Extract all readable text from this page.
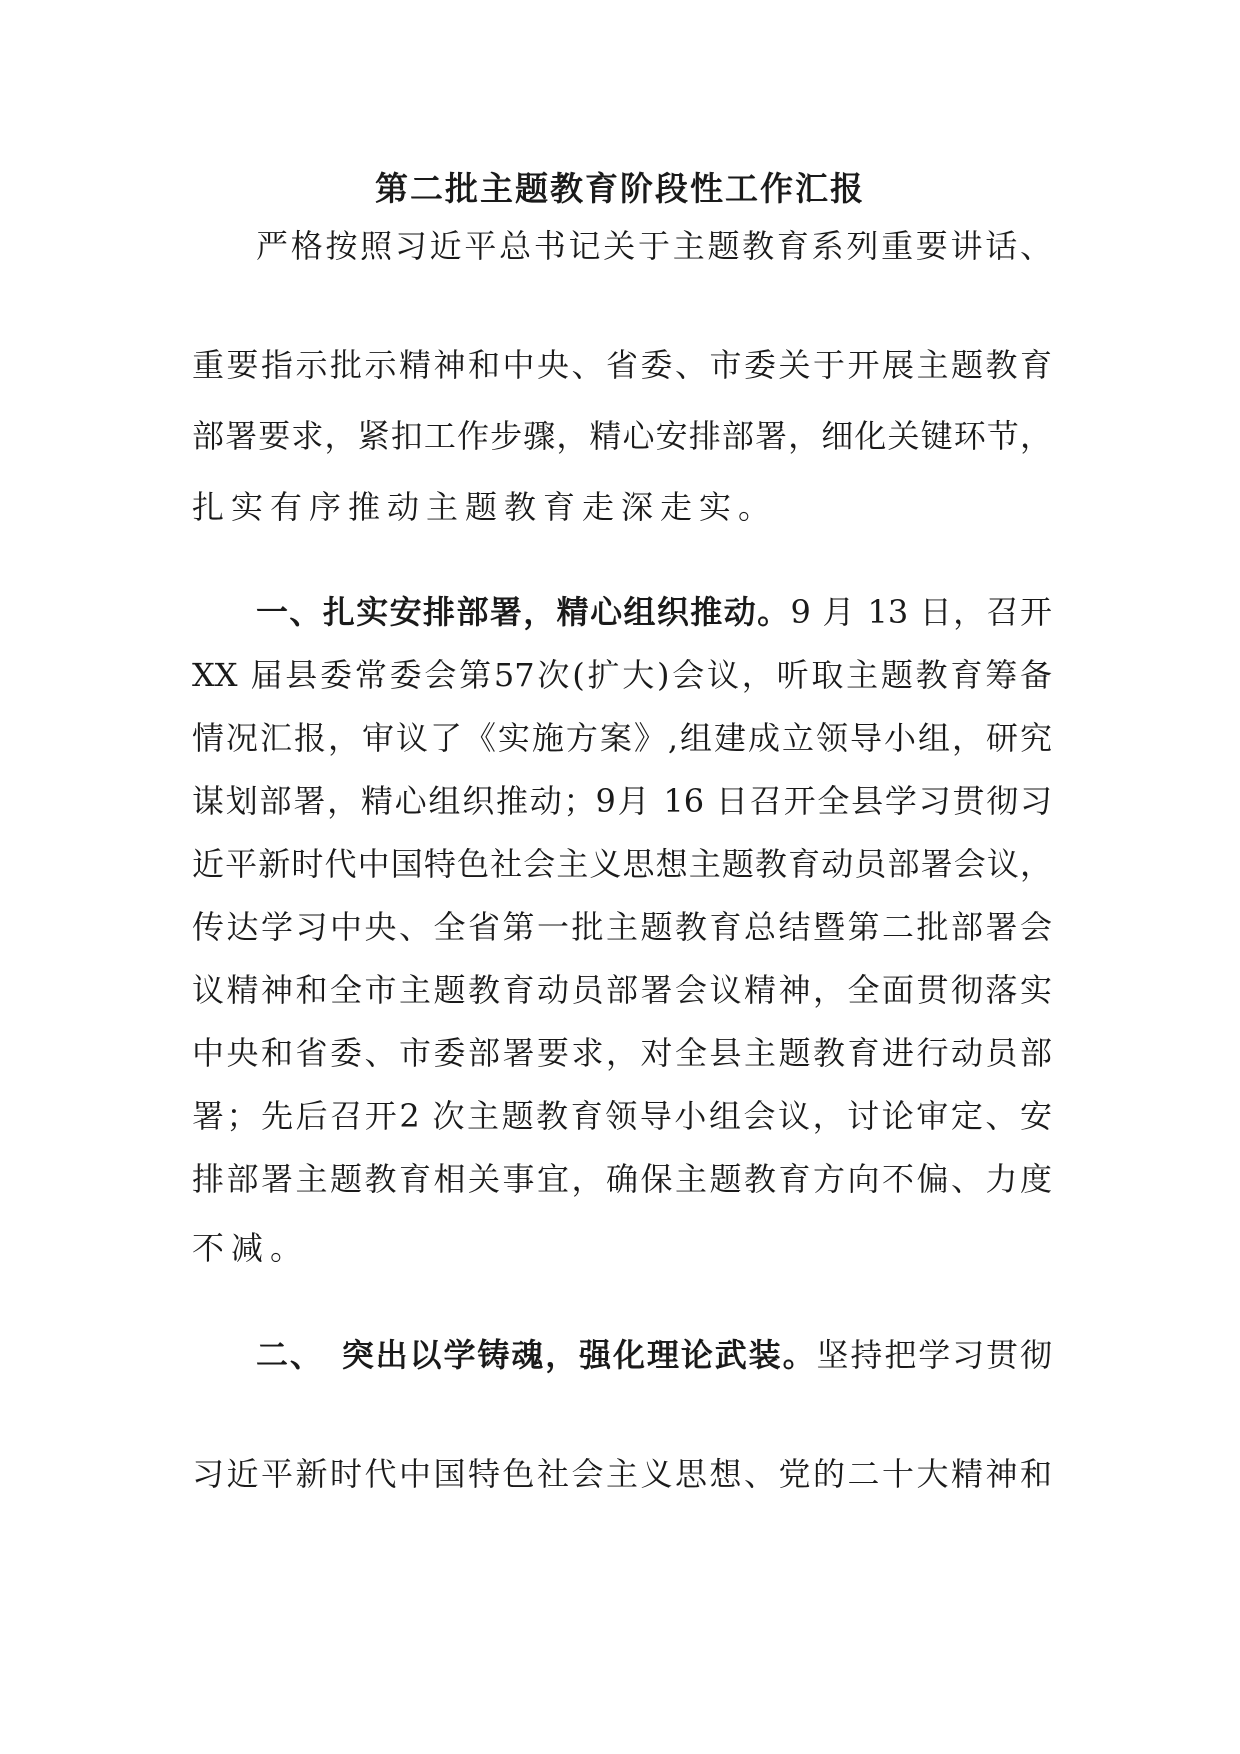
第二批主题教育阶段性工作汇报
严格按照习近平总书记关于主题教育系列重要讲话、
重要指示批示精神和中央、省委、市委关于开展主题教育
部署要求，紧扣工作步骤，精心安排部署，细化关键环节，
扎实有序推动主题教育走深走实。
一、扎实安排部署，精心组织推动。9 月 13 日，召开
XX 届县委常委会第57次(扩大)会议，听取主题教育筹备
情况汇报，审议了《实施方案》,组建成立领导小组，研究
谋划部署，精心组织推动；9月 16 日召开全县学习贯彻习
近平新时代中国特色社会主义思想主题教育动员部署会议，
传达学习中央、全省第一批主题教育总结暨第二批部署会
议精神和全市主题教育动员部署会议精神，全面贯彻落实
中央和省委、市委部署要求，对全县主题教育进行动员部
署；先后召开2 次主题教育领导小组会议，讨论审定、安
排部署主题教育相关事宜，确保主题教育方向不偏、力度
不减。
二、　突出以学铸魂，强化理论武装。坚持把学习贯彻
习近平新时代中国特色社会主义思想、党的二十大精神和
